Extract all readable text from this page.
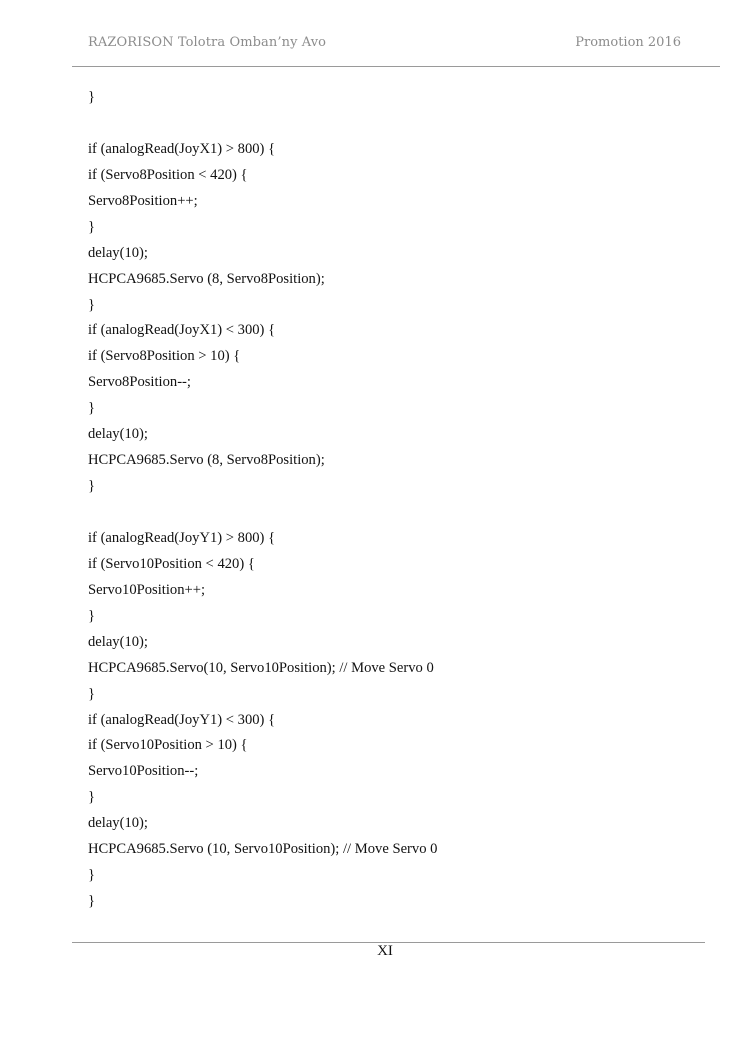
RAZORISON Tolotra Omban’ny Avo	Promotion 2016
}
if (analogRead(JoyX1) > 800) {
if (Servo8Position < 420) {
Servo8Position++;
}
delay(10);
HCPCA9685.Servo (8, Servo8Position);
}
if (analogRead(JoyX1) < 300) {
if (Servo8Position > 10) {
Servo8Position--;
}
delay(10);
HCPCA9685.Servo (8, Servo8Position);
}
if (analogRead(JoyY1) > 800) {
if (Servo10Position < 420) {
Servo10Position++;
}
delay(10);
HCPCA9685.Servo(10, Servo10Position); // Move Servo 0
}
if (analogRead(JoyY1) < 300) {
if (Servo10Position > 10) {
Servo10Position--;
}
delay(10);
HCPCA9685.Servo (10, Servo10Position); // Move Servo 0
}
}
XI
